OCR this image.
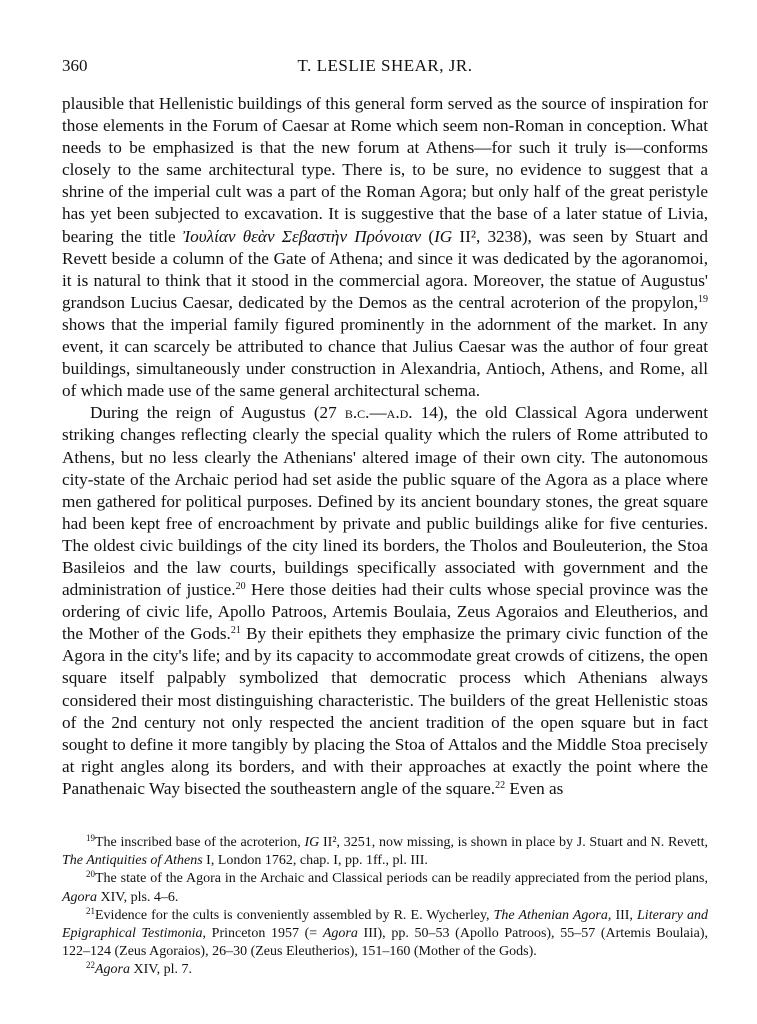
360	T. LESLIE SHEAR, JR.

plausible that Hellenistic buildings of this general form served as the source of inspiration for those elements in the Forum of Caesar at Rome which seem non-Roman in conception. What needs to be emphasized is that the new forum at Athens—for such it truly is—conforms closely to the same architectural type. There is, to be sure, no evidence to suggest that a shrine of the imperial cult was a part of the Roman Agora; but only half of the great peristyle has yet been subjected to excavation. It is suggestive that the base of a later statue of Livia, bearing the title Ἰουλίαν θεὰν Σεβαστὴν Πρόνοιαν (IG II², 3238), was seen by Stuart and Revett beside a column of the Gate of Athena; and since it was dedicated by the agoranomoi, it is natural to think that it stood in the commercial agora. Moreover, the statue of Augustus' grandson Lucius Caesar, dedicated by the Demos as the central acroterion of the propylon,$^{19}$ shows that the imperial family figured prominently in the adornment of the market. In any event, it can scarcely be attributed to chance that Julius Caesar was the author of four great buildings, simultaneously under construction in Alexandria, Antioch, Athens, and Rome, all of which made use of the same general architectural schema.

During the reign of Augustus (27 b.c.—a.d. 14), the old Classical Agora underwent striking changes reflecting clearly the special quality which the rulers of Rome attributed to Athens, but no less clearly the Athenians' altered image of their own city. The autonomous city-state of the Archaic period had set aside the public square of the Agora as a place where men gathered for political purposes. Defined by its ancient boundary stones, the great square had been kept free of encroachment by private and public buildings alike for five centuries. The oldest civic buildings of the city lined its borders, the Tholos and Bouleuterion, the Stoa Basileios and the law courts, buildings specifically associated with government and the administration of justice.$^{20}$ Here those deities had their cults whose special province was the ordering of civic life, Apollo Patroos, Artemis Boulaia, Zeus Agoraios and Eleutherios, and the Mother of the Gods.$^{21}$ By their epithets they emphasize the primary civic function of the Agora in the city's life; and by its capacity to accommodate great crowds of citizens, the open square itself palpably symbolized that democratic process which Athenians always considered their most distinguishing characteristic. The builders of the great Hellenistic stoas of the 2nd century not only respected the ancient tradition of the open square but in fact sought to define it more tangibly by placing the Stoa of Attalos and the Middle Stoa precisely at right angles along its borders, and with their approaches at exactly the point where the Panathenaic Way bisected the southeastern angle of the square.$^{22}$ Even as

$^{19}$The inscribed base of the acroterion, IG II², 3251, now missing, is shown in place by J. Stuart and N. Revett, The Antiquities of Athens I, London 1762, chap. I, pp. 1ff., pl. III.

$^{20}$The state of the Agora in the Archaic and Classical periods can be readily appreciated from the period plans, Agora XIV, pls. 4–6.

$^{21}$Evidence for the cults is conveniently assembled by R. E. Wycherley, The Athenian Agora, III, Literary and Epigraphical Testimonia, Princeton 1957 (= Agora III), pp. 50–53 (Apollo Patroos), 55–57 (Artemis Boulaia), 122–124 (Zeus Agoraios), 26–30 (Zeus Eleutherios), 151–160 (Mother of the Gods).

$^{22}$Agora XIV, pl. 7.
